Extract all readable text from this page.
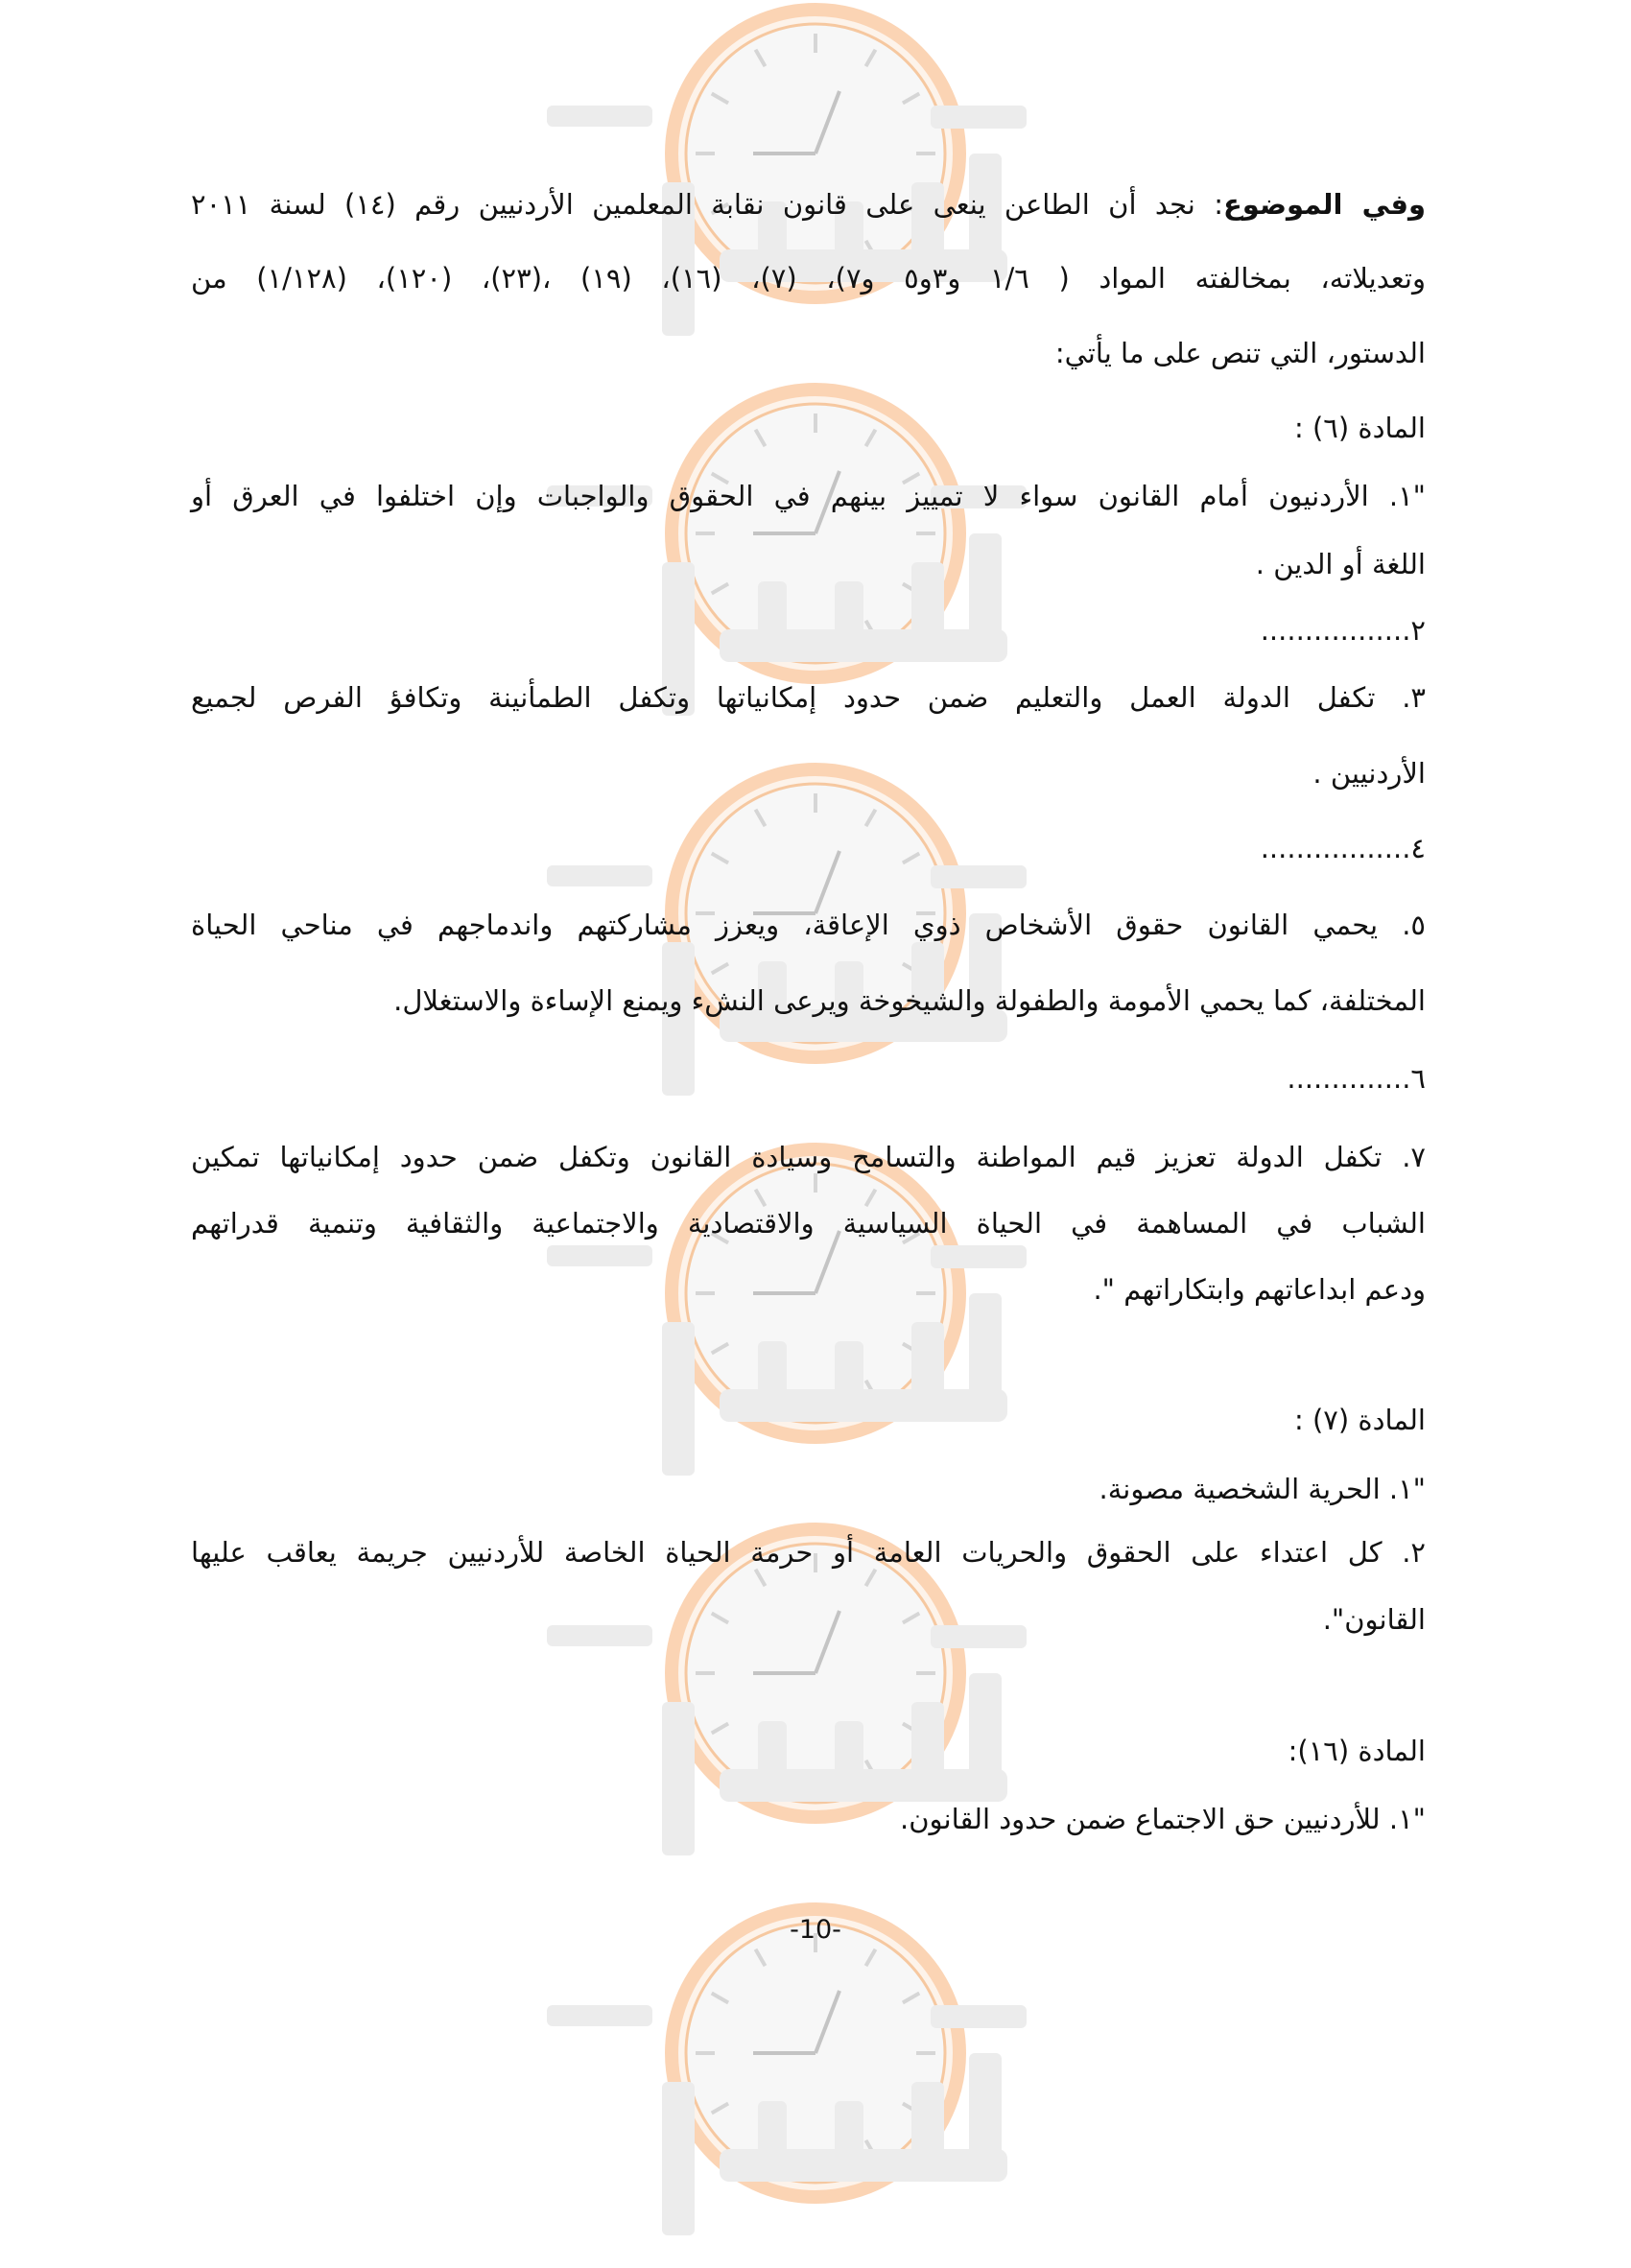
وفي الموضوع: نجد أن الطاعن ينعى على قانون نقابة المعلمين الأردنيين رقم (١٤) لسنة ٢٠١١
وتعديلاته، بمخالفته المواد ( ١/٦ و٣و٥ و٧)، (٧)، (١٦)، (١٩) ،(٢٣)، (١٢٠)، (١/١٢٨) من
الدستور، التي تنص على ما يأتي:
المادة (٦) :
"١. الأردنيون أمام القانون سواء لا تمييز بينهم في الحقوق والواجبات وإن اختلفوا في العرق أو
اللغة أو الدين .
٢.................
٣. تكفل الدولة العمل والتعليم ضمن حدود إمكانياتها وتكفل الطمأنينة وتكافؤ الفرص لجميع
الأردنيين .
٤.................
٥. يحمي القانون حقوق الأشخاص ذوي الإعاقة، ويعزز مشاركتهم واندماجهم في مناحي الحياة
المختلفة، كما يحمي الأمومة والطفولة والشيخوخة ويرعى النشء ويمنع الإساءة والاستغلال.
٦..............
٧. تكفل الدولة تعزيز قيم المواطنة والتسامح وسيادة القانون وتكفل ضمن حدود إمكانياتها تمكين
الشباب في المساهمة في الحياة السياسية والاقتصادية والاجتماعية والثقافية وتنمية قدراتهم
ودعم ابداعاتهم وابتكاراتهم ".
المادة (٧) :
"١. الحرية الشخصية مصونة.
٢. كل اعتداء على الحقوق والحريات العامة أو حرمة الحياة الخاصة للأردنيين جريمة يعاقب عليها
القانون".
المادة (١٦):
"١. للأردنيين حق الاجتماع ضمن حدود القانون.
-10-
